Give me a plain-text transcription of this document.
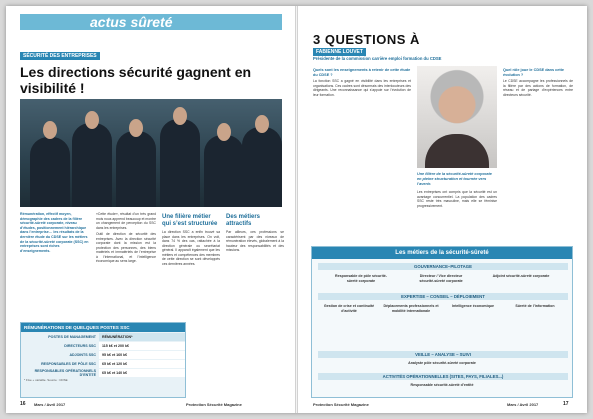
actus sûreté
SÉCURITÉ DES ENTREPRISES
Les directions sécurité gagnent en visibilité !
Rémunération, effectif moyen, démographie des cadres de la filière sécurité-sûreté corporate, niveau d’études, positionnement hiérarchique dans l’entreprise… les résultats de la dernière étude du CDSE sur les métiers de la sécurité-sûreté corporate (SSC) en entreprises sont riches d’enseignements.

«Cette étude», résultat d’un très grand mois nous apprend beaucoup et montre un changement de perception du SSC dans les entreprises.

Outil de direction de sécurité des entreprises. Avec la direction sécurité corporate dont la mission est la protection des personnes, des biens matériels et immatériels de l’entreprise à l’international, et l’intelligence économique au sens large.

Une filière métier qui s’est structurée

La direction SSC a enfin trouvé sa place dans les entreprises. On voit, dans 74 % des cas, rattachée à la direction générale ou secrétariat général. Il apparaît également que les métiers et compétences des membres de cette direction se sont développés ces dernières années.

Des métiers attractifs

Par ailleurs, ces professions se caractérisent par des niveaux de rémunération élevés, globalement à la hauteur des responsabilités et des missions.

RÉMUNÉRATIONS DE QUELQUES POSTES SSC
POSTES DE MANAGEMENT	RÉMUNÉRATION*
DIRECTEURS SSC	115 k€ et 200 k€
ADJOINTS SSC	95 k€ et 160 k€
RESPONSABLES DE PÔLE SSC	65 k€ et 120 k€
RESPONSABLES OPÉRATIONNELS D’ENTITÉ	65 k€ et 140 k€
* Fixe + variable. Source : CDSE
16 Mars / Avril 2017	Protection Sécurité Magazine
3 QUESTIONS À
FABIENNE LOUVET
Présidente de la commission carrière emploi formation du CDSE
Quels sont les enseignements à retenir de cette étude du CDSE ?

La fonction SSC a gagné en visibilité dans les entreprises et organisations. Ces cadres sont désormais des interlocuteurs des dirigeants. Une reconnaissance qui s’appuie sur l’évolution de leur formation.

Une filière de la sécurité-sûreté corporate en pleine structuration et tournée vers l’avenir.

Les entreprises ont compris que la sécurité est un avantage concurrentiel. La population des cadres SSC reste très masculine, mais elle se féminise progressivement.

Quel rôle joue le CDSE dans cette évolution ?

Le CDSE accompagne les professionnels de la filière par des actions de formation, de réseau et de partage d’expériences entre directeurs sécurité.

Les métiers de la sécurité-sûreté
GOUVERNANCE–PILOTAGE
Responsable de pôle sécurité-sûreté corporate
Directeur / Vice directeur sécurité-sûreté corporate
Adjoint sécurité-sûreté corporate
EXPERTISE – CONSEIL – DÉPLOIEMENT
Gestion de crise et continuité d’activité
Déplacements professionnels et mobilité internationale
Intelligence économique	Sûreté de l’information
VEILLE – ANALYSE – SUIVI
Analyste pôle sécurité-sûreté corporate
ACTIVITÉS OPÉRATIONNELLES (SITES, PAYS, FILIALES...)
Responsable sécurité-sûreté d’entité
Protection Sécurité Magazine	Mars / Avril 2017	17
